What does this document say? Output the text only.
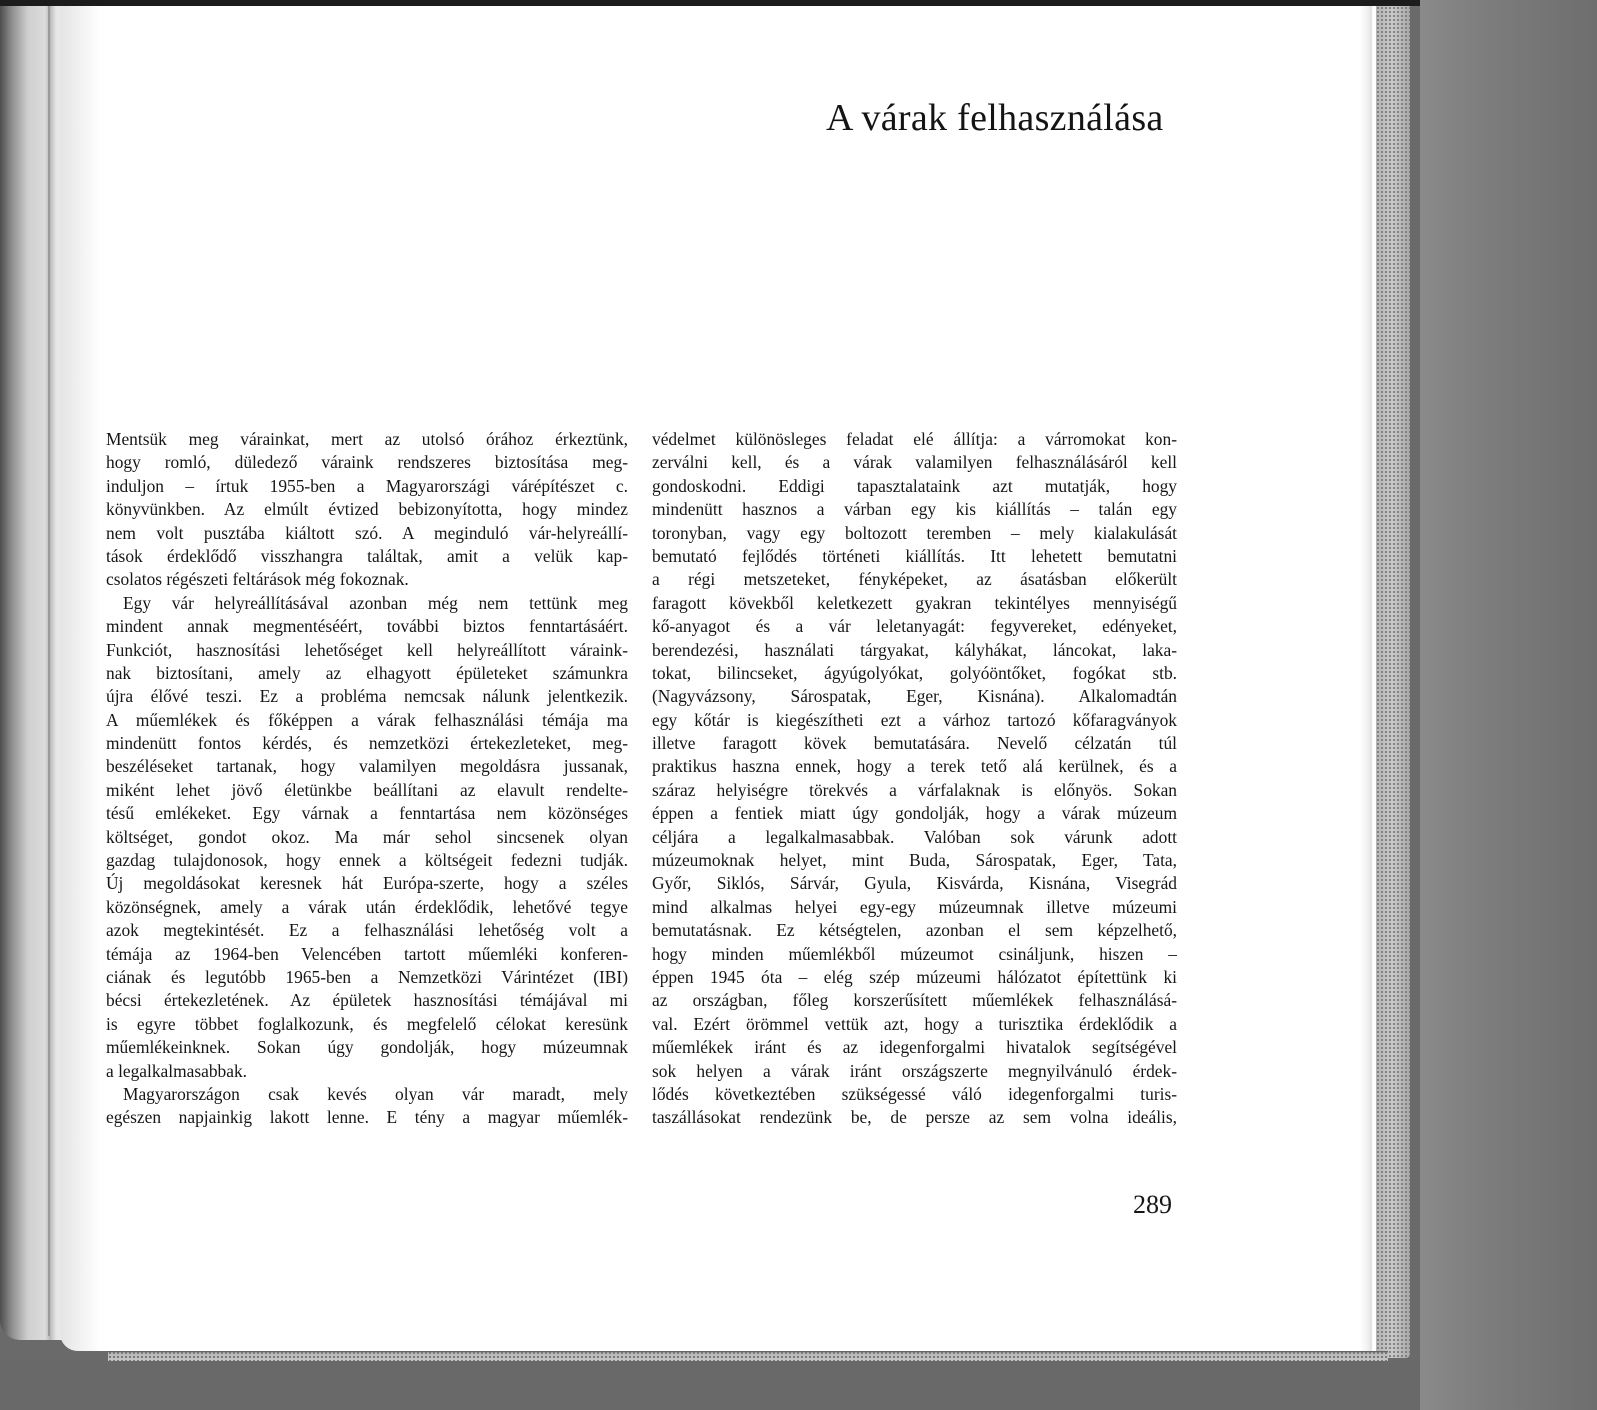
A várak felhasználása

Mentsük meg várainkat, mert az utolsó órához érkeztünk,
hogy romló, düledező váraink rendszeres biztosítása meg-
induljon – írtuk 1955-ben a Magyarországi várépítészet c.
könyvünkben. Az elmúlt évtized bebizonyította, hogy mindez
nem volt pusztába kiáltott szó. A meginduló vár-helyreállí-
tások érdeklődő visszhangra találtak, amit a velük kap-
csolatos régészeti feltárások még fokoznak.

Egy vár helyreállításával azonban még nem tettünk meg
mindent annak megmentéséért, további biztos fenntartásáért.
Funkciót, hasznosítási lehetőséget kell helyreállított váraink-
nak biztosítani, amely az elhagyott épületeket számunkra
újra élővé teszi. Ez a probléma nemcsak nálunk jelentkezik.
A műemlékek és főképpen a várak felhasználási témája ma
mindenütt fontos kérdés, és nemzetközi értekezleteket, meg-
beszéléseket tartanak, hogy valamilyen megoldásra jussanak,
miként lehet jövő életünkbe beállítani az elavult rendelte-
tésű emlékeket. Egy várnak a fenntartása nem közönséges
költséget, gondot okoz. Ma már sehol sincsenek olyan
gazdag tulajdonosok, hogy ennek a költségeit fedezni tudják.
Új megoldásokat keresnek hát Európa-szerte, hogy a széles
közönségnek, amely a várak után érdeklődik, lehetővé tegye
azok megtekintését. Ez a felhasználási lehetőség volt a
témája az 1964-ben Velencében tartott műemléki konferen-
ciának és legutóbb 1965-ben a Nemzetközi Várintézet (IBI)
bécsi értekezletének. Az épületek hasznosítási témájával mi
is egyre többet foglalkozunk, és megfelelő célokat keresünk
műemlékeinknek. Sokan úgy gondolják, hogy múzeumnak
a legalkalmasabbak.

Magyarországon csak kevés olyan vár maradt, mely
egészen napjainkig lakott lenne. E tény a magyar műemlék-

védelmet különösleges feladat elé állítja: a várromokat kon-
zerválni kell, és a várak valamilyen felhasználásáról kell
gondoskodni. Eddigi tapasztalataink azt mutatják, hogy
mindenütt hasznos a várban egy kis kiállítás – talán egy
toronyban, vagy egy boltozott teremben – mely kialakulását
bemutató fejlődés történeti kiállítás. Itt lehetett bemutatni
a régi metszeteket, fényképeket, az ásatásban előkerült
faragott kövekből keletkezett gyakran tekintélyes mennyiségű
kő-anyagot és a vár leletanyagát: fegyvereket, edényeket,
berendezési, használati tárgyakat, kályhákat, láncokat, laka-
tokat, bilincseket, ágyúgolyókat, golyóöntőket, fogókat stb.
(Nagyvázsony, Sárospatak, Eger, Kisnána). Alkalomadtán
egy kőtár is kiegészítheti ezt a várhoz tartozó kőfaragványok
illetve faragott kövek bemutatására. Nevelő célzatán túl
praktikus haszna ennek, hogy a terek tető alá kerülnek, és a
száraz helyiségre törekvés a várfalaknak is előnyös. Sokan
éppen a fentiek miatt úgy gondolják, hogy a várak múzeum
céljára a legalkalmasabbak. Valóban sok várunk adott
múzeumoknak helyet, mint Buda, Sárospatak, Eger, Tata,
Győr, Siklós, Sárvár, Gyula, Kisvárda, Kisnána, Visegrád
mind alkalmas helyei egy-egy múzeumnak illetve múzeumi
bemutatásnak. Ez kétségtelen, azonban el sem képzelhető,
hogy minden műemlékből múzeumot csináljunk, hiszen –
éppen 1945 óta – elég szép múzeumi hálózatot építettünk ki
az országban, főleg korszerűsített műemlékek felhasználásá-
val. Ezért örömmel vettük azt, hogy a turisztika érdeklődik a
műemlékek iránt és az idegenforgalmi hivatalok segítségével
sok helyen a várak iránt országszerte megnyilvánuló érdek-
lődés következtében szükségessé váló idegenforgalmi turis-
taszállásokat rendezünk be, de persze az sem volna ideális,

289
